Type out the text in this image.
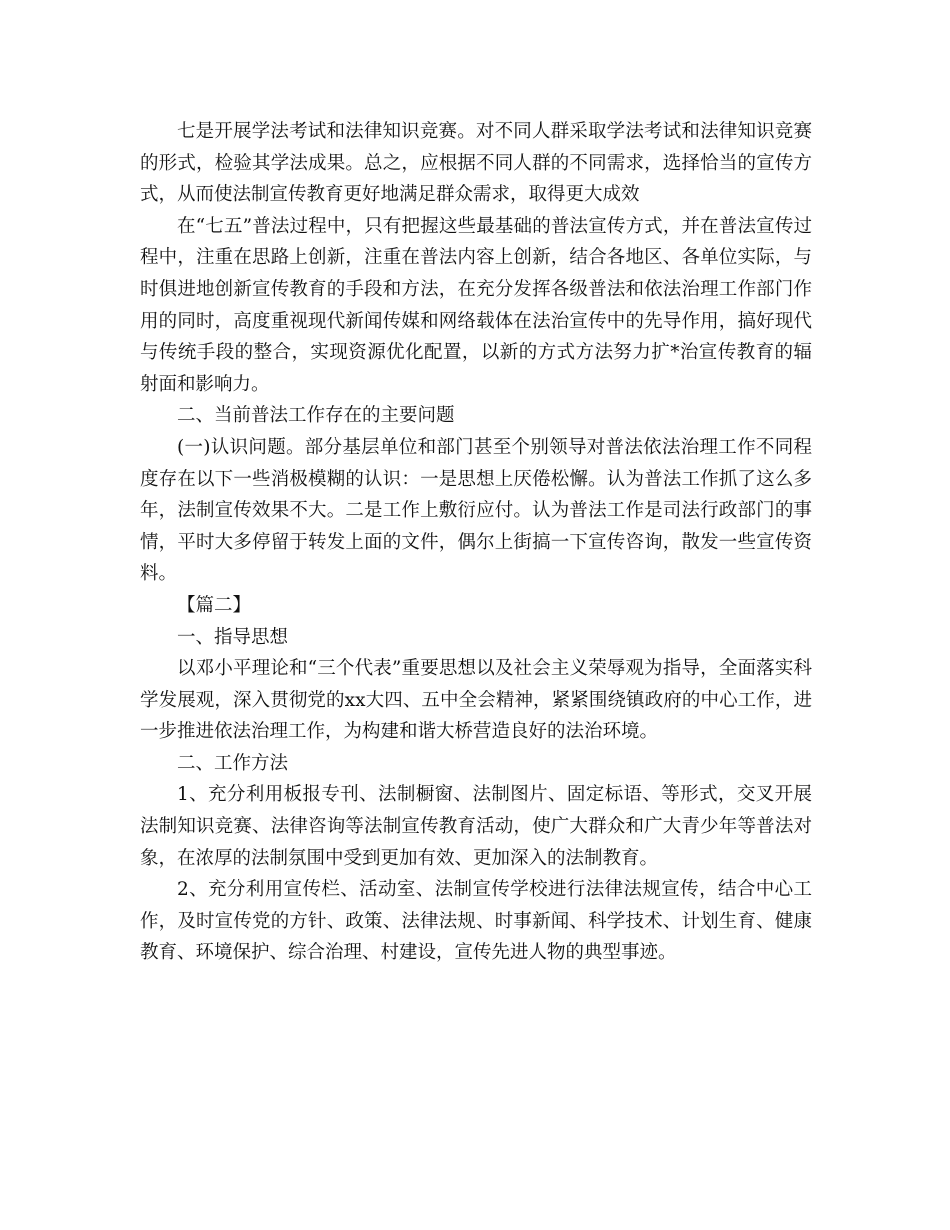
七是开展学法考试和法律知识竞赛。对不同人群采取学法考试和法律知识竞赛的形式，检验其学法成果。总之，应根据不同人群的不同需求，选择恰当的宣传方式，从而使法制宣传教育更好地满足群众需求，取得更大成效

在“七五”普法过程中，只有把握这些最基础的普法宣传方式，并在普法宣传过程中，注重在思路上创新，注重在普法内容上创新，结合各地区、各单位实际，与时俱进地创新宣传教育的手段和方法，在充分发挥各级普法和依法治理工作部门作用的同时，高度重视现代新闻传媒和网络载体在法治宣传中的先导作用，搞好现代与传统手段的整合，实现资源优化配置，以新的方式方法努力扩*治宣传教育的辐射面和影响力。

二、当前普法工作存在的主要问题

(一)认识问题。部分基层单位和部门甚至个别领导对普法依法治理工作不同程度存在以下一些消极模糊的认识：一是思想上厌倦松懈。认为普法工作抓了这么多年，法制宣传效果不大。二是工作上敷衍应付。认为普法工作是司法行政部门的事情，平时大多停留于转发上面的文件，偶尔上街搞一下宣传咨询，散发一些宣传资料。

【篇二】

一、指导思想

以邓小平理论和“三个代表”重要思想以及社会主义荣辱观为指导，全面落实科学发展观，深入贯彻党的xx大四、五中全会精神，紧紧围绕镇政府的中心工作，进一步推进依法治理工作，为构建和谐大桥营造良好的法治环境。

二、工作方法

1、充分利用板报专刊、法制橱窗、法制图片、固定标语、等形式，交叉开展法制知识竞赛、法律咨询等法制宣传教育活动，使广大群众和广大青少年等普法对象，在浓厚的法制氛围中受到更加有效、更加深入的法制教育。

2、充分利用宣传栏、活动室、法制宣传学校进行法律法规宣传，结合中心工作，及时宣传党的方针、政策、法律法规、时事新闻、科学技术、计划生育、健康教育、环境保护、综合治理、村建设，宣传先进人物的典型事迹。
